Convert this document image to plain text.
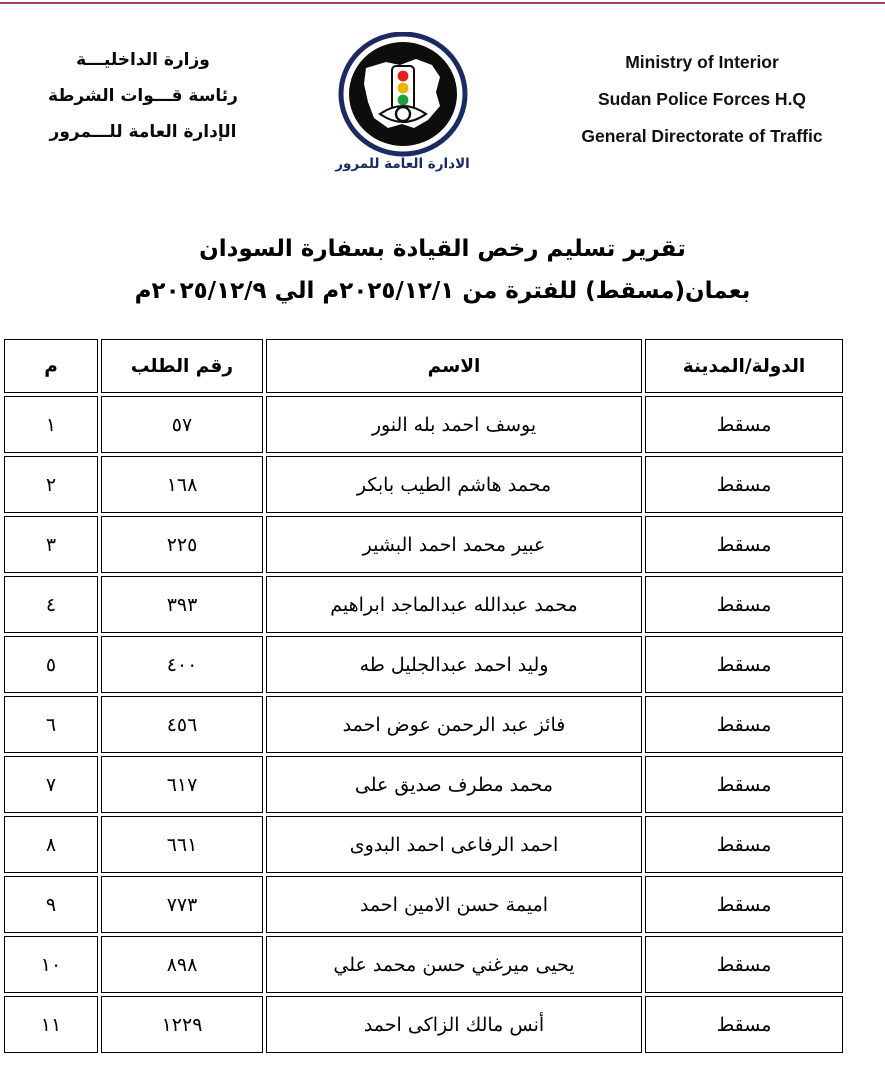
وزارة الداخليـــة
رئاسة قـــوات الشرطة
الإدارة العامة للـــمرور
الادارة العامة للمرور
Ministry of Interior
Sudan Police Forces H.Q
General Directorate of Traffic
تقرير تسليم رخص القيادة بسفارة السودان
بعمان(مسقط) للفترة من ٢٠٢٥/١٢/١م الي ٢٠٢٥/١٢/٩م
الدولة/المدينة	الاسم	رقم الطلب	م
مسقط	يوسف احمد بله النور	٥٧	١
مسقط	محمد هاشم الطيب بابكر	١٦٨	٢
مسقط	عبير محمد احمد البشير	٢٢٥	٣
مسقط	محمد عبدالله عبدالماجد ابراهيم	٣٩٣	٤
مسقط	وليد احمد عبدالجليل طه	٤٠٠	٥
مسقط	فائز عبد الرحمن عوض احمد	٤٥٦	٦
مسقط	محمد مطرف صديق على	٦١٧	٧
مسقط	احمد الرفاعى احمد البدوى	٦٦١	٨
مسقط	اميمة حسن الامين احمد	٧٧٣	٩
مسقط	يحيى ميرغني حسن محمد علي	٨٩٨	١٠
مسقط	أنس مالك الزاكى احمد	١٢٢٩	١١
